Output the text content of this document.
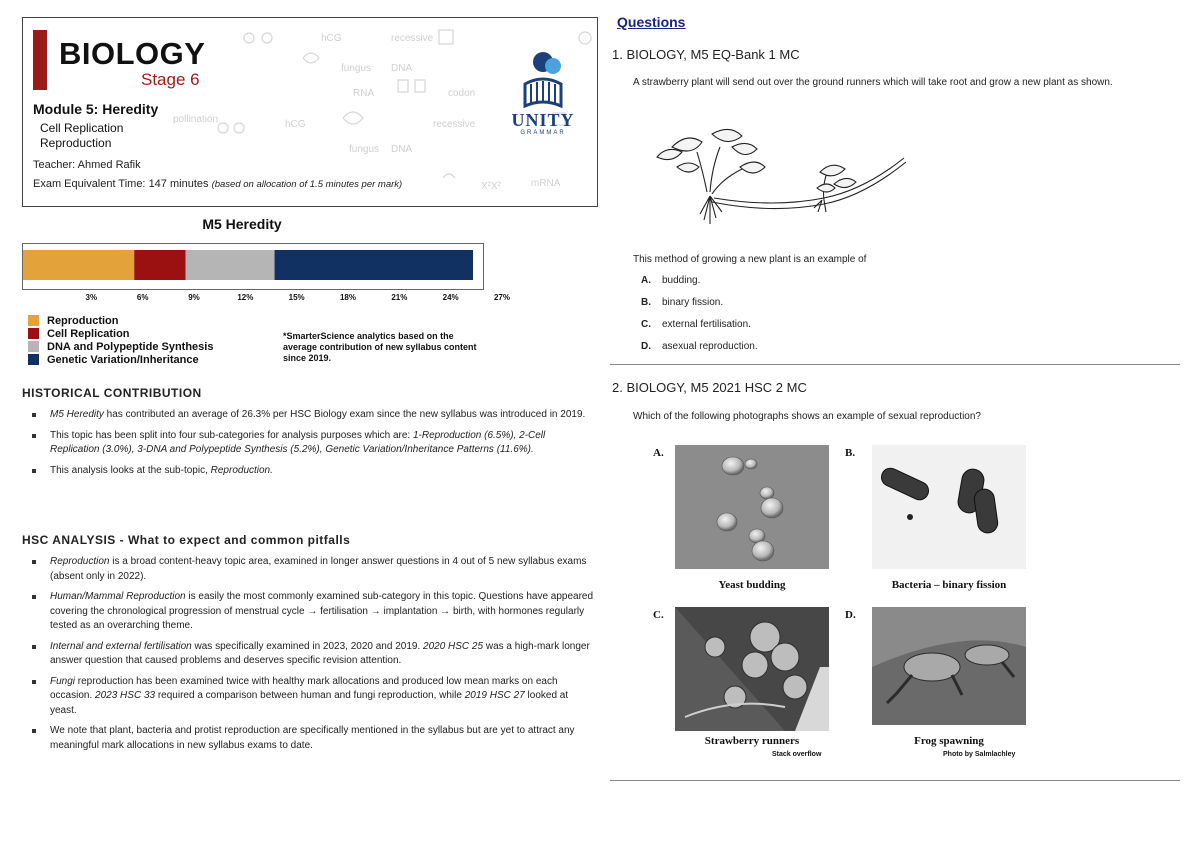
hCG	recessive
fungus DNA
RNA	codon
pollination	hCG	recessive
fungus DNA
X²X²	mRNA
BIOLOGY
Stage 6
Module 5: Heredity
Cell Replication
Reproduction
Teacher: Ahmed Rafik
Exam Equivalent Time: 147 minutes (based on allocation of 1.5 minutes per mark)
UNITY
GRAMMAR
M5 Heredity
3%	6%	9%	12%	15%	18%	21%	24%	27%
Reproduction
Cell Replication
DNA and Polypeptide Synthesis
Genetic Variation/Inheritance
*SmarterScience analytics based on the average contribution of new syllabus content since 2019.
HISTORICAL CONTRIBUTION
M5 Heredity has contributed an average of 26.3% per HSC Biology exam since the new syllabus was introduced in 2019.
This topic has been split into four sub-categories for analysis purposes which are: 1-Reproduction (6.5%), 2-Cell Replication (3.0%), 3-DNA and Polypeptide Synthesis (5.2%), Genetic Variation/Inheritance Patterns (11.6%).
This analysis looks at the sub-topic, Reproduction.
HSC ANALYSIS - What to expect and common pitfalls
Reproduction is a broad content-heavy topic area, examined in longer answer questions in 4 out of 5 new syllabus exams (absent only in 2022).
Human/Mammal Reproduction is easily the most commonly examined sub-category in this topic. Questions have appeared covering the chronological progression of menstrual cycle → fertilisation → implantation → birth, with hormones regularly tested as an overarching theme.
Internal and external fertilisation was specifically examined in 2023, 2020 and 2019. 2020 HSC 25 was a high-mark longer answer question that caused problems and deserves specific revision attention.
Fungi reproduction has been examined twice with healthy mark allocations and produced low mean marks on each occasion. 2023 HSC 33 required a comparison between human and fungi reproduction, while 2019 HSC 27 looked at yeast.
We note that plant, bacteria and protist reproduction are specifically mentioned in the syllabus but are yet to attract any meaningful mark allocations in new syllabus exams to date.
Questions
1. BIOLOGY, M5 EQ-Bank 1 MC
A strawberry plant will send out over the ground runners which will take root and grow a new plant as shown.
This method of growing a new plant is an example of
A. budding.
B. binary fission.
C. external fertilisation.
D. asexual reproduction.
2. BIOLOGY, M5 2021 HSC 2 MC
Which of the following photographs shows an example of sexual reproduction?
A.
Yeast budding
B.
Bacteria – binary fission
C.
Strawberry runners
Stack overflow
D.
Frog spawning
Photo by Salmlachley
